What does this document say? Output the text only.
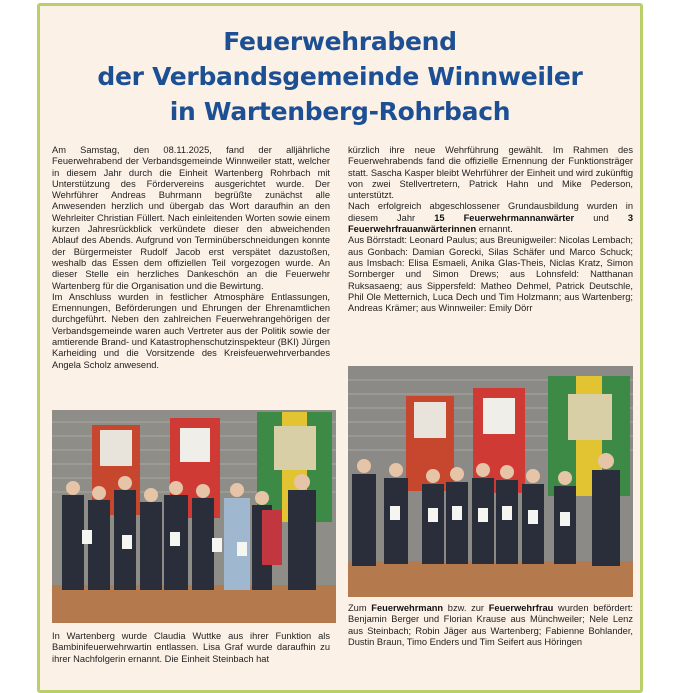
Feuerwehrabend
der Verbandsgemeinde Winnweiler
in Wartenberg-Rohrbach

Am Samstag, den 08.11.2025, fand der alljährliche Feuerwehrabend der Verbandsgemeinde Winnweiler statt, welcher in diesem Jahr durch die Einheit Wartenberg Rohrbach mit Unterstützung des Fördervereins ausgerichtet wurde. Der Wehrführer Andreas Buhrmann begrüßte zunächst alle Anwesenden herzlich und übergab das Wort daraufhin an den Wehrleiter Christian Füllert. Nach einleitenden Worten sowie einem kurzen Jahresrückblick verkündete dieser den abweichenden Ablauf des Abends. Aufgrund von Terminüberschneidungen konnte der Bürgermeister Rudolf Jacob erst verspätet dazustoßen, weshalb das Essen dem offiziellen Teil vorgezogen wurde. An dieser Stelle ein herzliches Dankeschön an die Feuerwehr Wartenberg für die Organisation und die Bewirtung.

Im Anschluss wurden in festlicher Atmosphäre Entlassungen, Ernennungen, Beförderungen und Ehrungen der Ehrenamtlichen durchgeführt. Neben den zahlreichen Feuerwehrangehörigen der Verbandsgemeinde waren auch Vertreter aus der Politik sowie der amtierende Brand- und Katastrophenschutzinspekteur (BKI) Jürgen Karheiding und die Vorsitzende des Kreisfeuerwehrverbandes Angela Scholz anwesend.

In Wartenberg wurde Claudia Wuttke aus ihrer Funktion als Bambinifeuerwehrwartin entlassen. Lisa Graf wurde daraufhin zu ihrer Nachfolgerin ernannt. Die Einheit Steinbach hat

kürzlich ihre neue Wehrführung gewählt. Im Rahmen des Feuerwehrabends fand die offizielle Ernennung der Funktionsträger statt. Sascha Kasper bleibt Wehrführer der Einheit und wird zukünftig von zwei Stellvertretern, Patrick Hahn und Mike Pederson, unterstützt.

Nach erfolgreich abgeschlossener Grundausbildung wurden in diesem Jahr 15 Feuerwehrmannanwärter und 3 Feuerwehrfrauanwärterinnen ernannt.

Aus Börrstadt: Leonard Paulus; aus Breunigweiler: Nicolas Lembach; aus Gonbach: Damian Gorecki, Silas Schäfer und Marco Schuck; aus Imsbach: Elisa Esmaeli, Anika Glas-Theis, Niclas Kratz, Simon Sornberger und Simon Drews; aus Lohnsfeld: Natthanan Ruksasaeng; aus Sippersfeld: Matheo Dehmel, Patrick Deutschle, Phil Ole Metternich, Luca Dech und Tim Holzmann; aus Wartenberg; Andreas Krämer; aus Winnweiler: Emily Dörr

Zum Feuerwehrmann bzw. zur Feuerwehrfrau wurden befördert: Benjamin Berger und Florian Krause aus Münchweiler; Nele Lenz aus Steinbach; Robin Jäger aus Wartenberg; Fabienne Bohlander, Dustin Braun, Timo Enders und Tim Seifert aus Höringen
